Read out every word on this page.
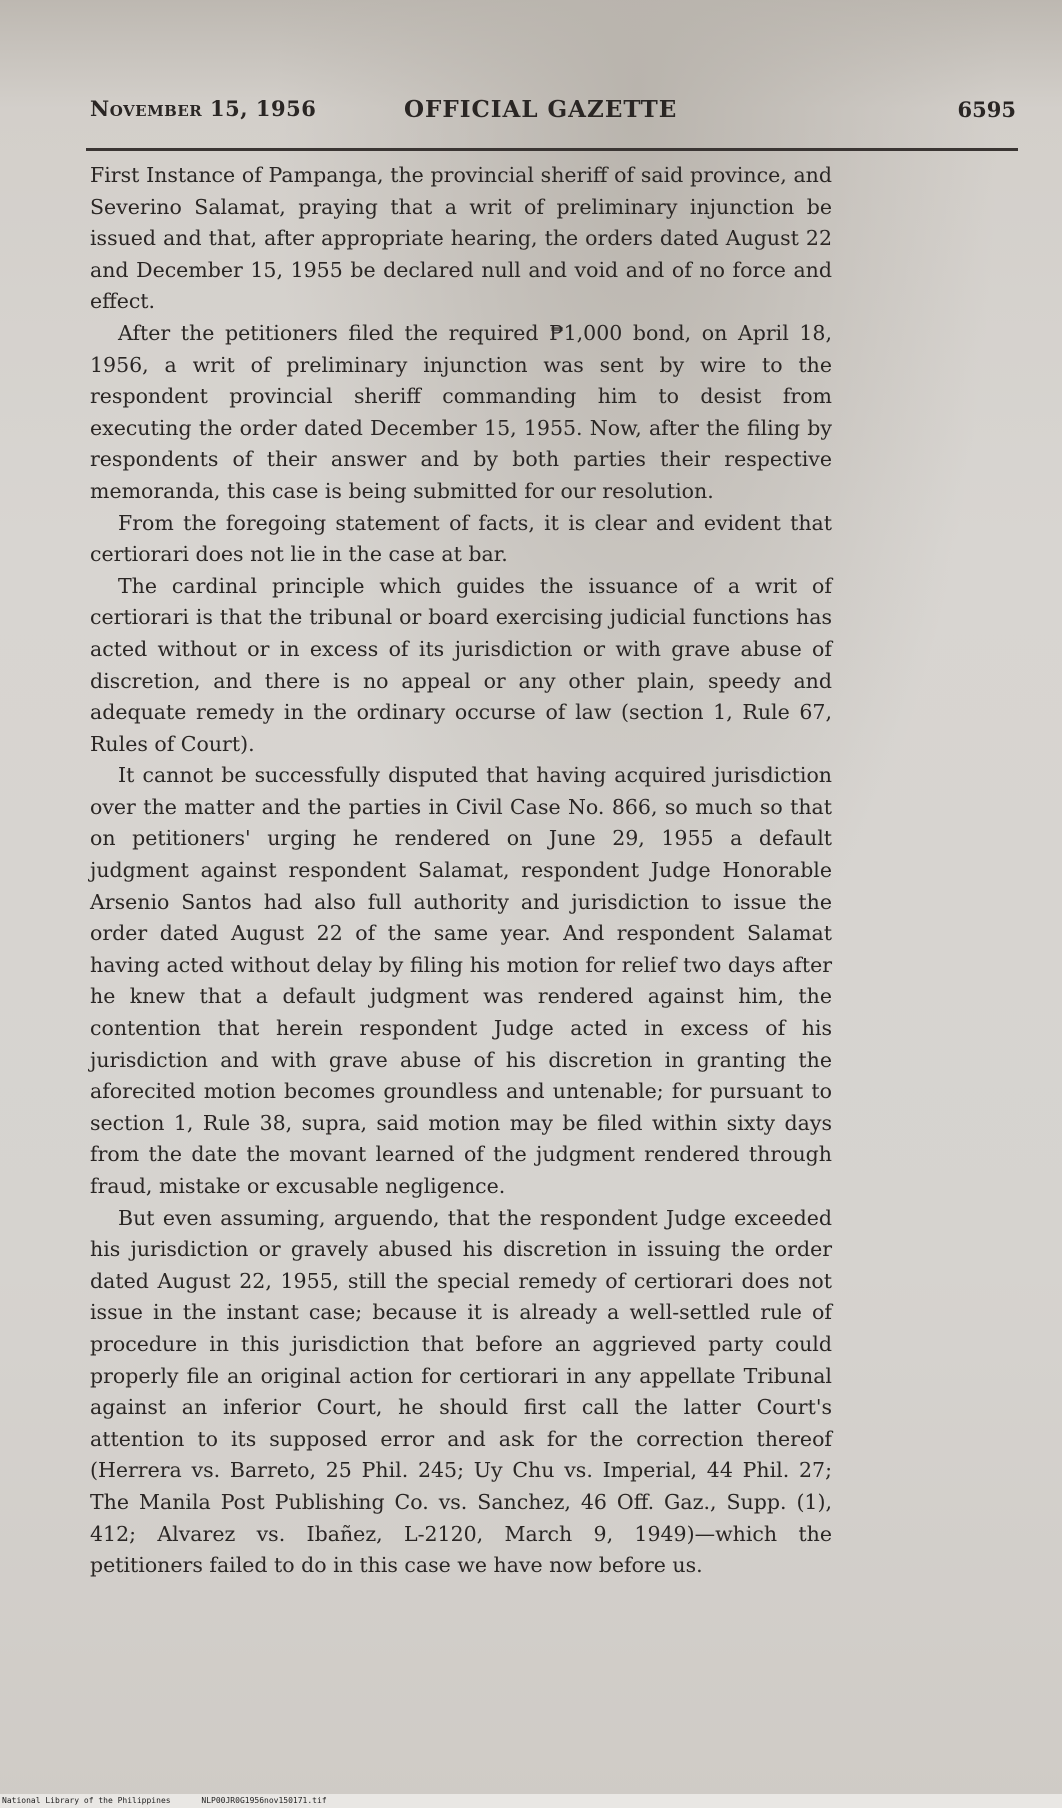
November 15, 1956	OFFICIAL GAZETTE	6595

First Instance of Pampanga, the provincial sheriff of said province, and Severino Salamat, praying that a writ of preliminary injunction be issued and that, after appropriate hearing, the orders dated August 22 and December 15, 1955 be declared null and void and of no force and effect.

After the petitioners filed the required ₱1,000 bond, on April 18, 1956, a writ of preliminary injunction was sent by wire to the respondent provincial sheriff commanding him to desist from executing the order dated December 15, 1955. Now, after the filing by respondents of their answer and by both parties their respective memoranda, this case is being submitted for our resolution.

From the foregoing statement of facts, it is clear and evident that certiorari does not lie in the case at bar.

The cardinal principle which guides the issuance of a writ of certiorari is that the tribunal or board exercising judicial functions has acted without or in excess of its jurisdiction or with grave abuse of discretion, and there is no appeal or any other plain, speedy and adequate remedy in the ordinary occurse of law (section 1, Rule 67, Rules of Court).

It cannot be successfully disputed that having acquired jurisdiction over the matter and the parties in Civil Case No. 866, so much so that on petitioners' urging he rendered on June 29, 1955 a default judgment against respondent Salamat, respondent Judge Honorable Arsenio Santos had also full authority and jurisdiction to issue the order dated August 22 of the same year. And respondent Salamat having acted without delay by filing his motion for relief two days after he knew that a default judgment was rendered against him, the contention that herein respondent Judge acted in excess of his jurisdiction and with grave abuse of his discretion in granting the aforecited motion becomes groundless and untenable; for pursuant to section 1, Rule 38, supra, said motion may be filed within sixty days from the date the movant learned of the judgment rendered through fraud, mistake or excusable negligence.

But even assuming, arguendo, that the respondent Judge exceeded his jurisdiction or gravely abused his discretion in issuing the order dated August 22, 1955, still the special remedy of certiorari does not issue in the instant case; because it is already a well-settled rule of procedure in this jurisdiction that before an aggrieved party could properly file an original action for certiorari in any appellate Tribunal against an inferior Court, he should first call the latter Court's attention to its supposed error and ask for the correction thereof (Herrera vs. Barreto, 25 Phil. 245; Uy Chu vs. Imperial, 44 Phil. 27; The Manila Post Publishing Co. vs. Sanchez, 46 Off. Gaz., Supp. (1), 412; Alvarez vs. Ibañez, L-2120, March 9, 1949)—which the petitioners failed to do in this case we have now before us.

National Library of the Philippines	NLP00JR0G1956nov150171.tif
